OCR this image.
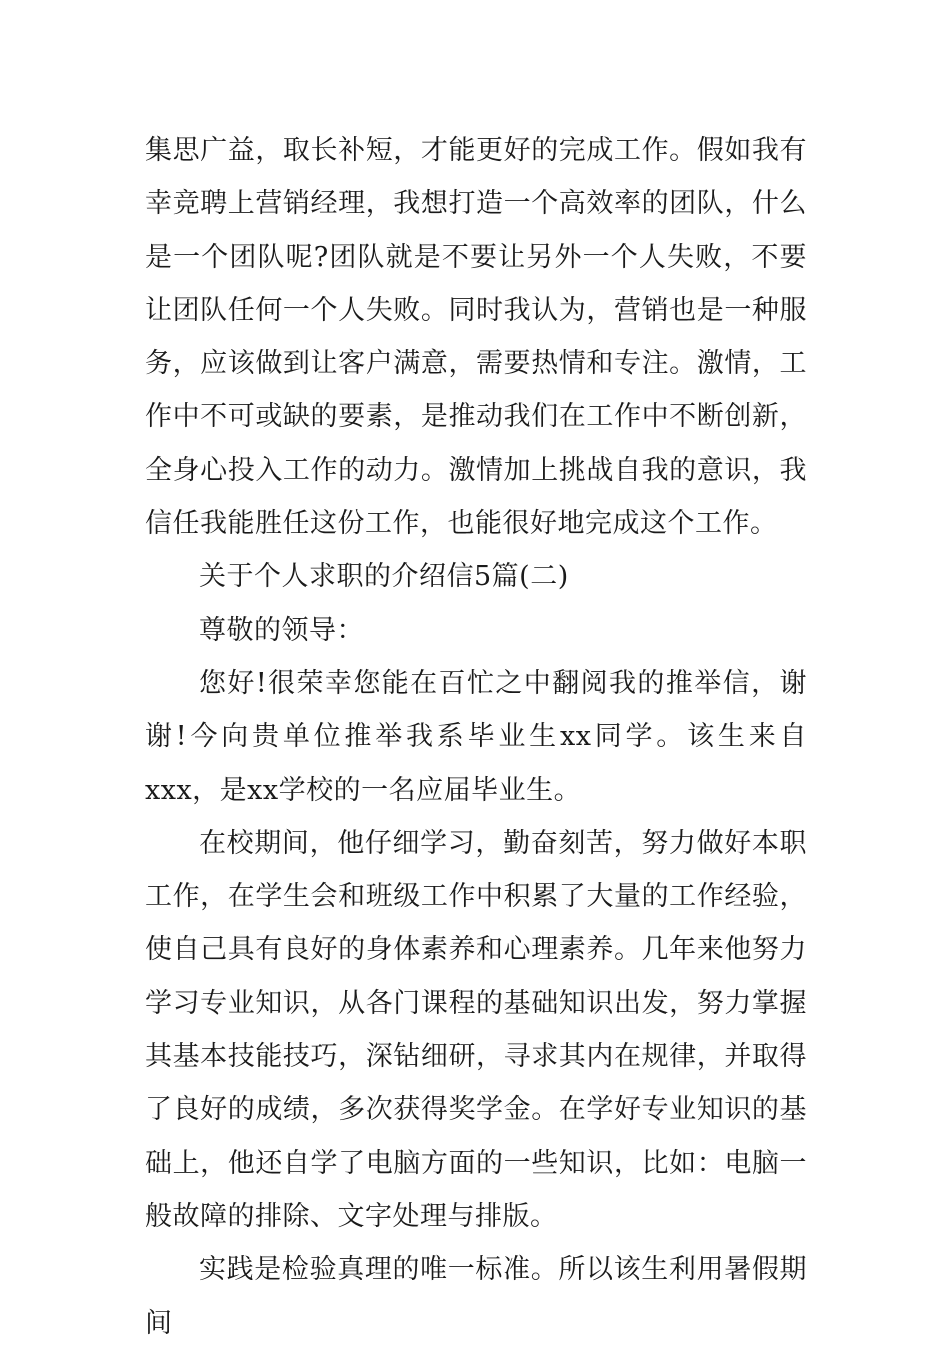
集思广益，取长补短，才能更好的完成工作。假如我有幸竞聘上营销经理，我想打造一个高效率的团队，什么是一个团队呢?团队就是不要让另外一个人失败，不要让团队任何一个人失败。同时我认为，营销也是一种服务，应该做到让客户满意，需要热情和专注。激情，工作中不可或缺的要素，是推动我们在工作中不断创新，全身心投入工作的动力。激情加上挑战自我的意识，我信任我能胜任这份工作，也能很好地完成这个工作。

关于个人求职的介绍信5篇(二)

尊敬的领导：

您好!很荣幸您能在百忙之中翻阅我的推举信，谢谢!今向贵单位推举我系毕业生xx同学。该生来自xxx，是xx学校的一名应届毕业生。

在校期间，他仔细学习，勤奋刻苦，努力做好本职工作，在学生会和班级工作中积累了大量的工作经验，使自己具有良好的身体素养和心理素养。几年来他努力学习专业知识，从各门课程的基础知识出发，努力掌握其基本技能技巧，深钻细研，寻求其内在规律，并取得了良好的成绩，多次获得奖学金。在学好专业知识的基础上，他还自学了电脑方面的一些知识，比如：电脑一般故障的排除、文字处理与排版。

实践是检验真理的唯一标准。所以该生利用暑假期间
